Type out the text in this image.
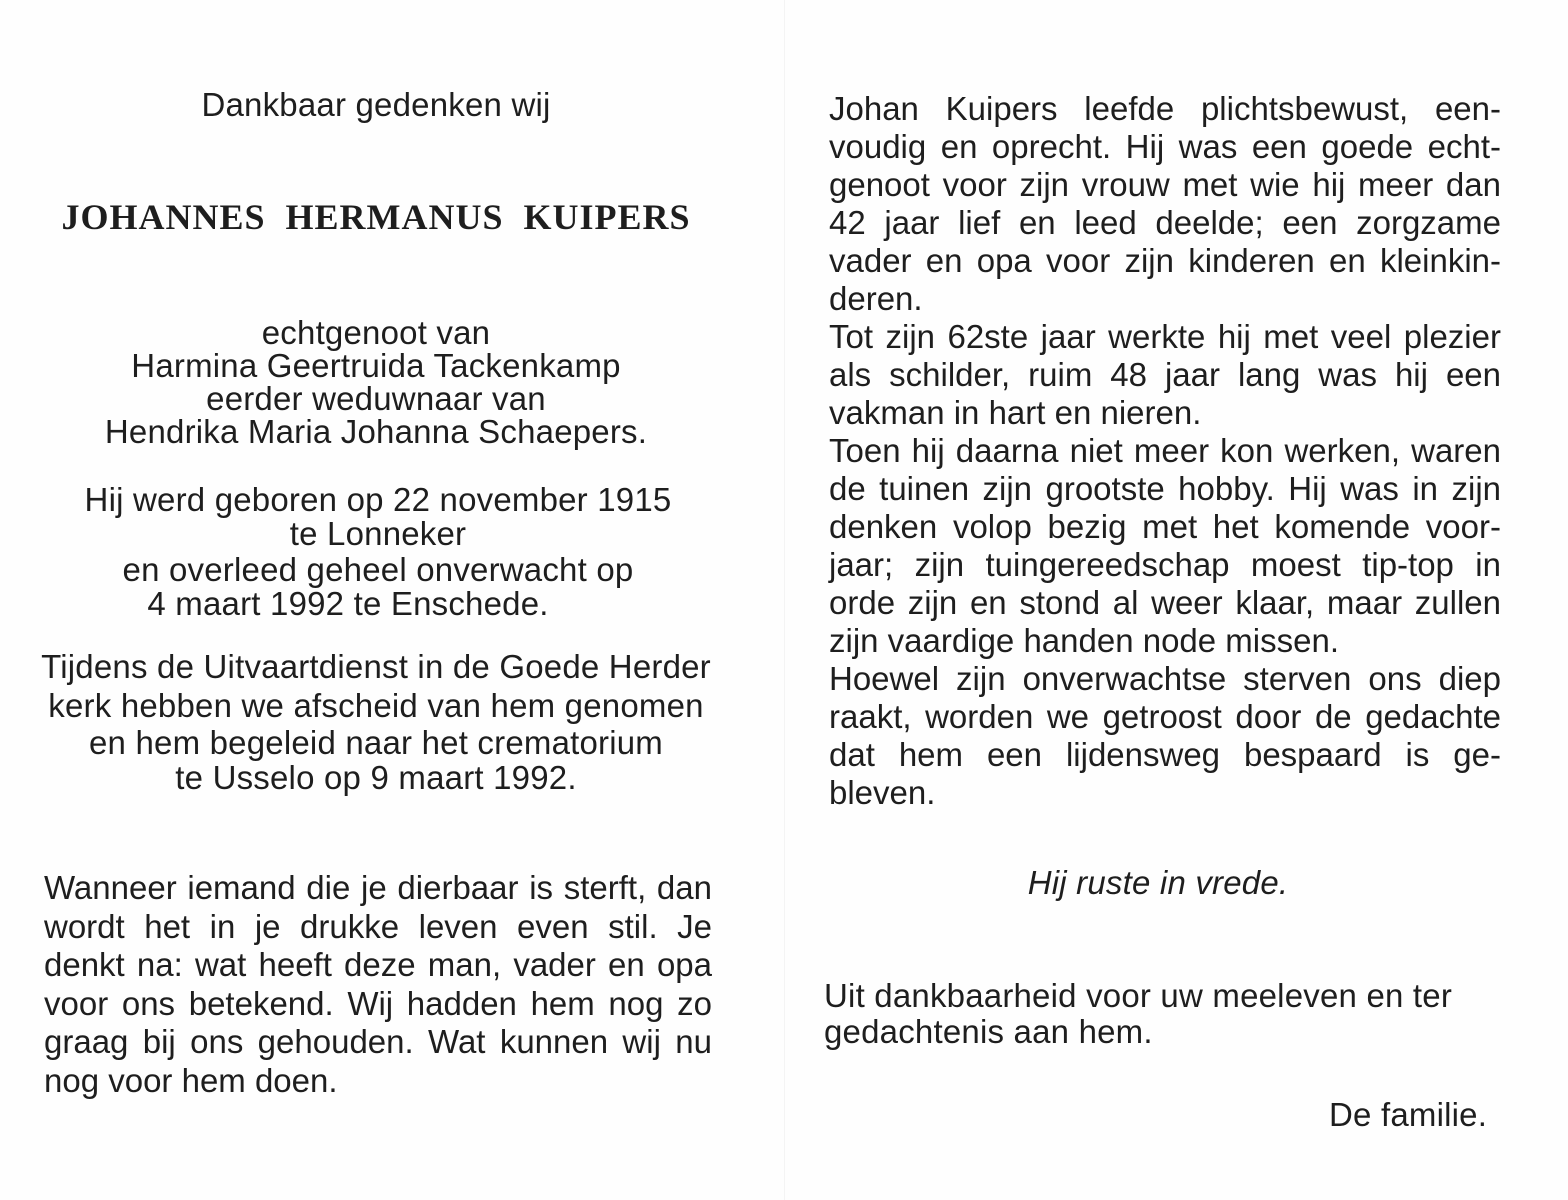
Dankbaar gedenken wij
JOHANNES HERMANUS KUIPERS
echtgenoot van
Harmina Geertruida Tackenkamp
eerder weduwnaar van
Hendrika Maria Johanna Schaepers.
Hij werd geboren op 22 november 1915
te Lonneker
en overleed geheel onverwacht op
4 maart 1992 te Enschede.
Tijdens de Uitvaartdienst in de Goede Herder
kerk hebben we afscheid van hem genomen
en hem begeleid naar het crematorium
te Usselo op 9 maart 1992.
Wanneer iemand die je dierbaar is sterft, dan
wordt het in je drukke leven even stil. Je
denkt na: wat heeft deze man, vader en opa
voor ons betekend. Wij hadden hem nog zo
graag bij ons gehouden. Wat kunnen wij nu
nog voor hem doen.
Johan Kuipers leefde plichtsbewust, een-
voudig en oprecht. Hij was een goede echt-
genoot voor zijn vrouw met wie hij meer dan
42 jaar lief en leed deelde; een zorgzame
vader en opa voor zijn kinderen en kleinkin-
deren.
Tot zijn 62ste jaar werkte hij met veel plezier
als schilder, ruim 48 jaar lang was hij een
vakman in hart en nieren.
Toen hij daarna niet meer kon werken, waren
de tuinen zijn grootste hobby. Hij was in zijn
denken volop bezig met het komende voor-
jaar; zijn tuingereedschap moest tip-top in
orde zijn en stond al weer klaar, maar zullen
zijn vaardige handen node missen.
Hoewel zijn onverwachtse sterven ons diep
raakt, worden we getroost door de gedachte
dat hem een lijdensweg bespaard is ge-
bleven.
Hij ruste in vrede.
Uit dankbaarheid voor uw meeleven en ter
gedachtenis aan hem.
De familie.
